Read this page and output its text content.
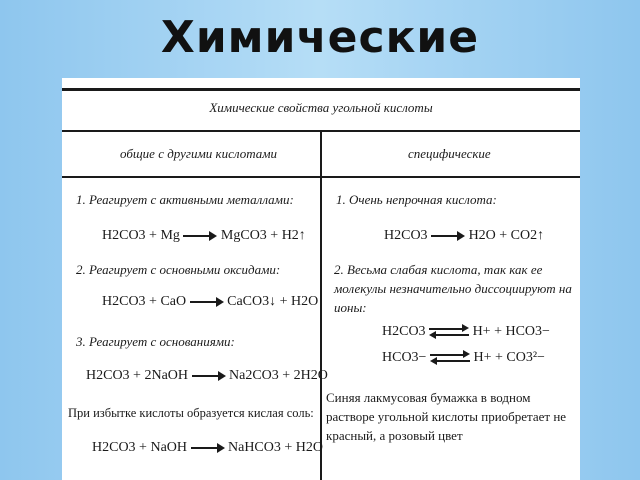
Химические
Химические свойства угольной кислоты
общие с другими кислотами	специфические
1. Реагирует с активными металлами:
H2CO3 + Mg	MgCO3 + H2↑
2. Реагирует с основными оксидами:
H2CO3 + CaO	CaCO3↓ + H2O
3. Реагирует с основаниями:
H2CO3 + 2NaOH	Na2CO3 + 2H2O
При избытке кислоты образуется кислая соль:
H2CO3 + NaOH	NaHCO3 + H2O
1. Очень непрочная кислота:
H2CO3	H2O + CO2↑
2. Весьма слабая кислота, так как ее молекулы незначительно диссоциируют на ионы:
H2CO3	H+ + HCO3−
HCO3−	H+ + CO3²−
Синяя лакмусовая бумажка в водном растворе угольной кислоты приобретает не красный, а розовый цвет
